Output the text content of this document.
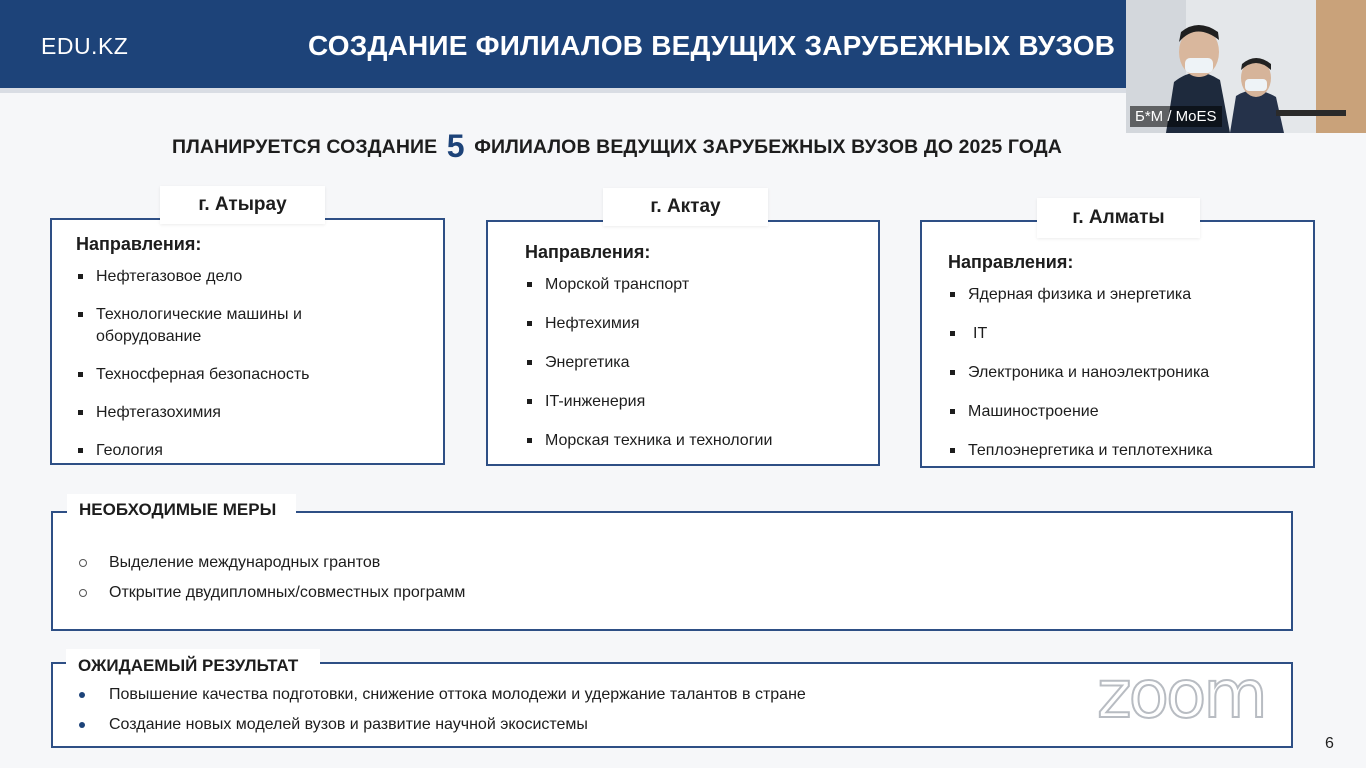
EDU.KZ	СОЗДАНИЕ ФИЛИАЛОВ ВЕДУЩИХ ЗАРУБЕЖНЫХ ВУЗОВ
Б*М / MoES
ПЛАНИРУЕТСЯ СОЗДАНИЕ 5 ФИЛИАЛОВ ВЕДУЩИХ ЗАРУБЕЖНЫХ ВУЗОВ ДО 2025 ГОДА
г. Атырау
Направления:
Нефтегазовое дело
Технологические машины и оборудование
Техносферная безопасность
Нефтегазохимия
Геология
г. Актау
Морской транспорт
Нефтехимия
Энергетика
IT-инженерия
Морская техника и технологии
Направления:
г. Алматы
Направления:
Ядерная физика и энергетика
IT
Электроника и наноэлектроника
Машиностроение
Теплоэнергетика и теплотехника
НЕОБХОДИМЫЕ МЕРЫ
Выделение международных грантов
Открытие двудипломных/совместных программ
ОЖИДАЕМЫЙ РЕЗУЛЬТАТ
Повышение качества подготовки, снижение оттока молодежи и удержание талантов в стране
Создание новых моделей вузов и развитие научной экосистемы	zoom
6
